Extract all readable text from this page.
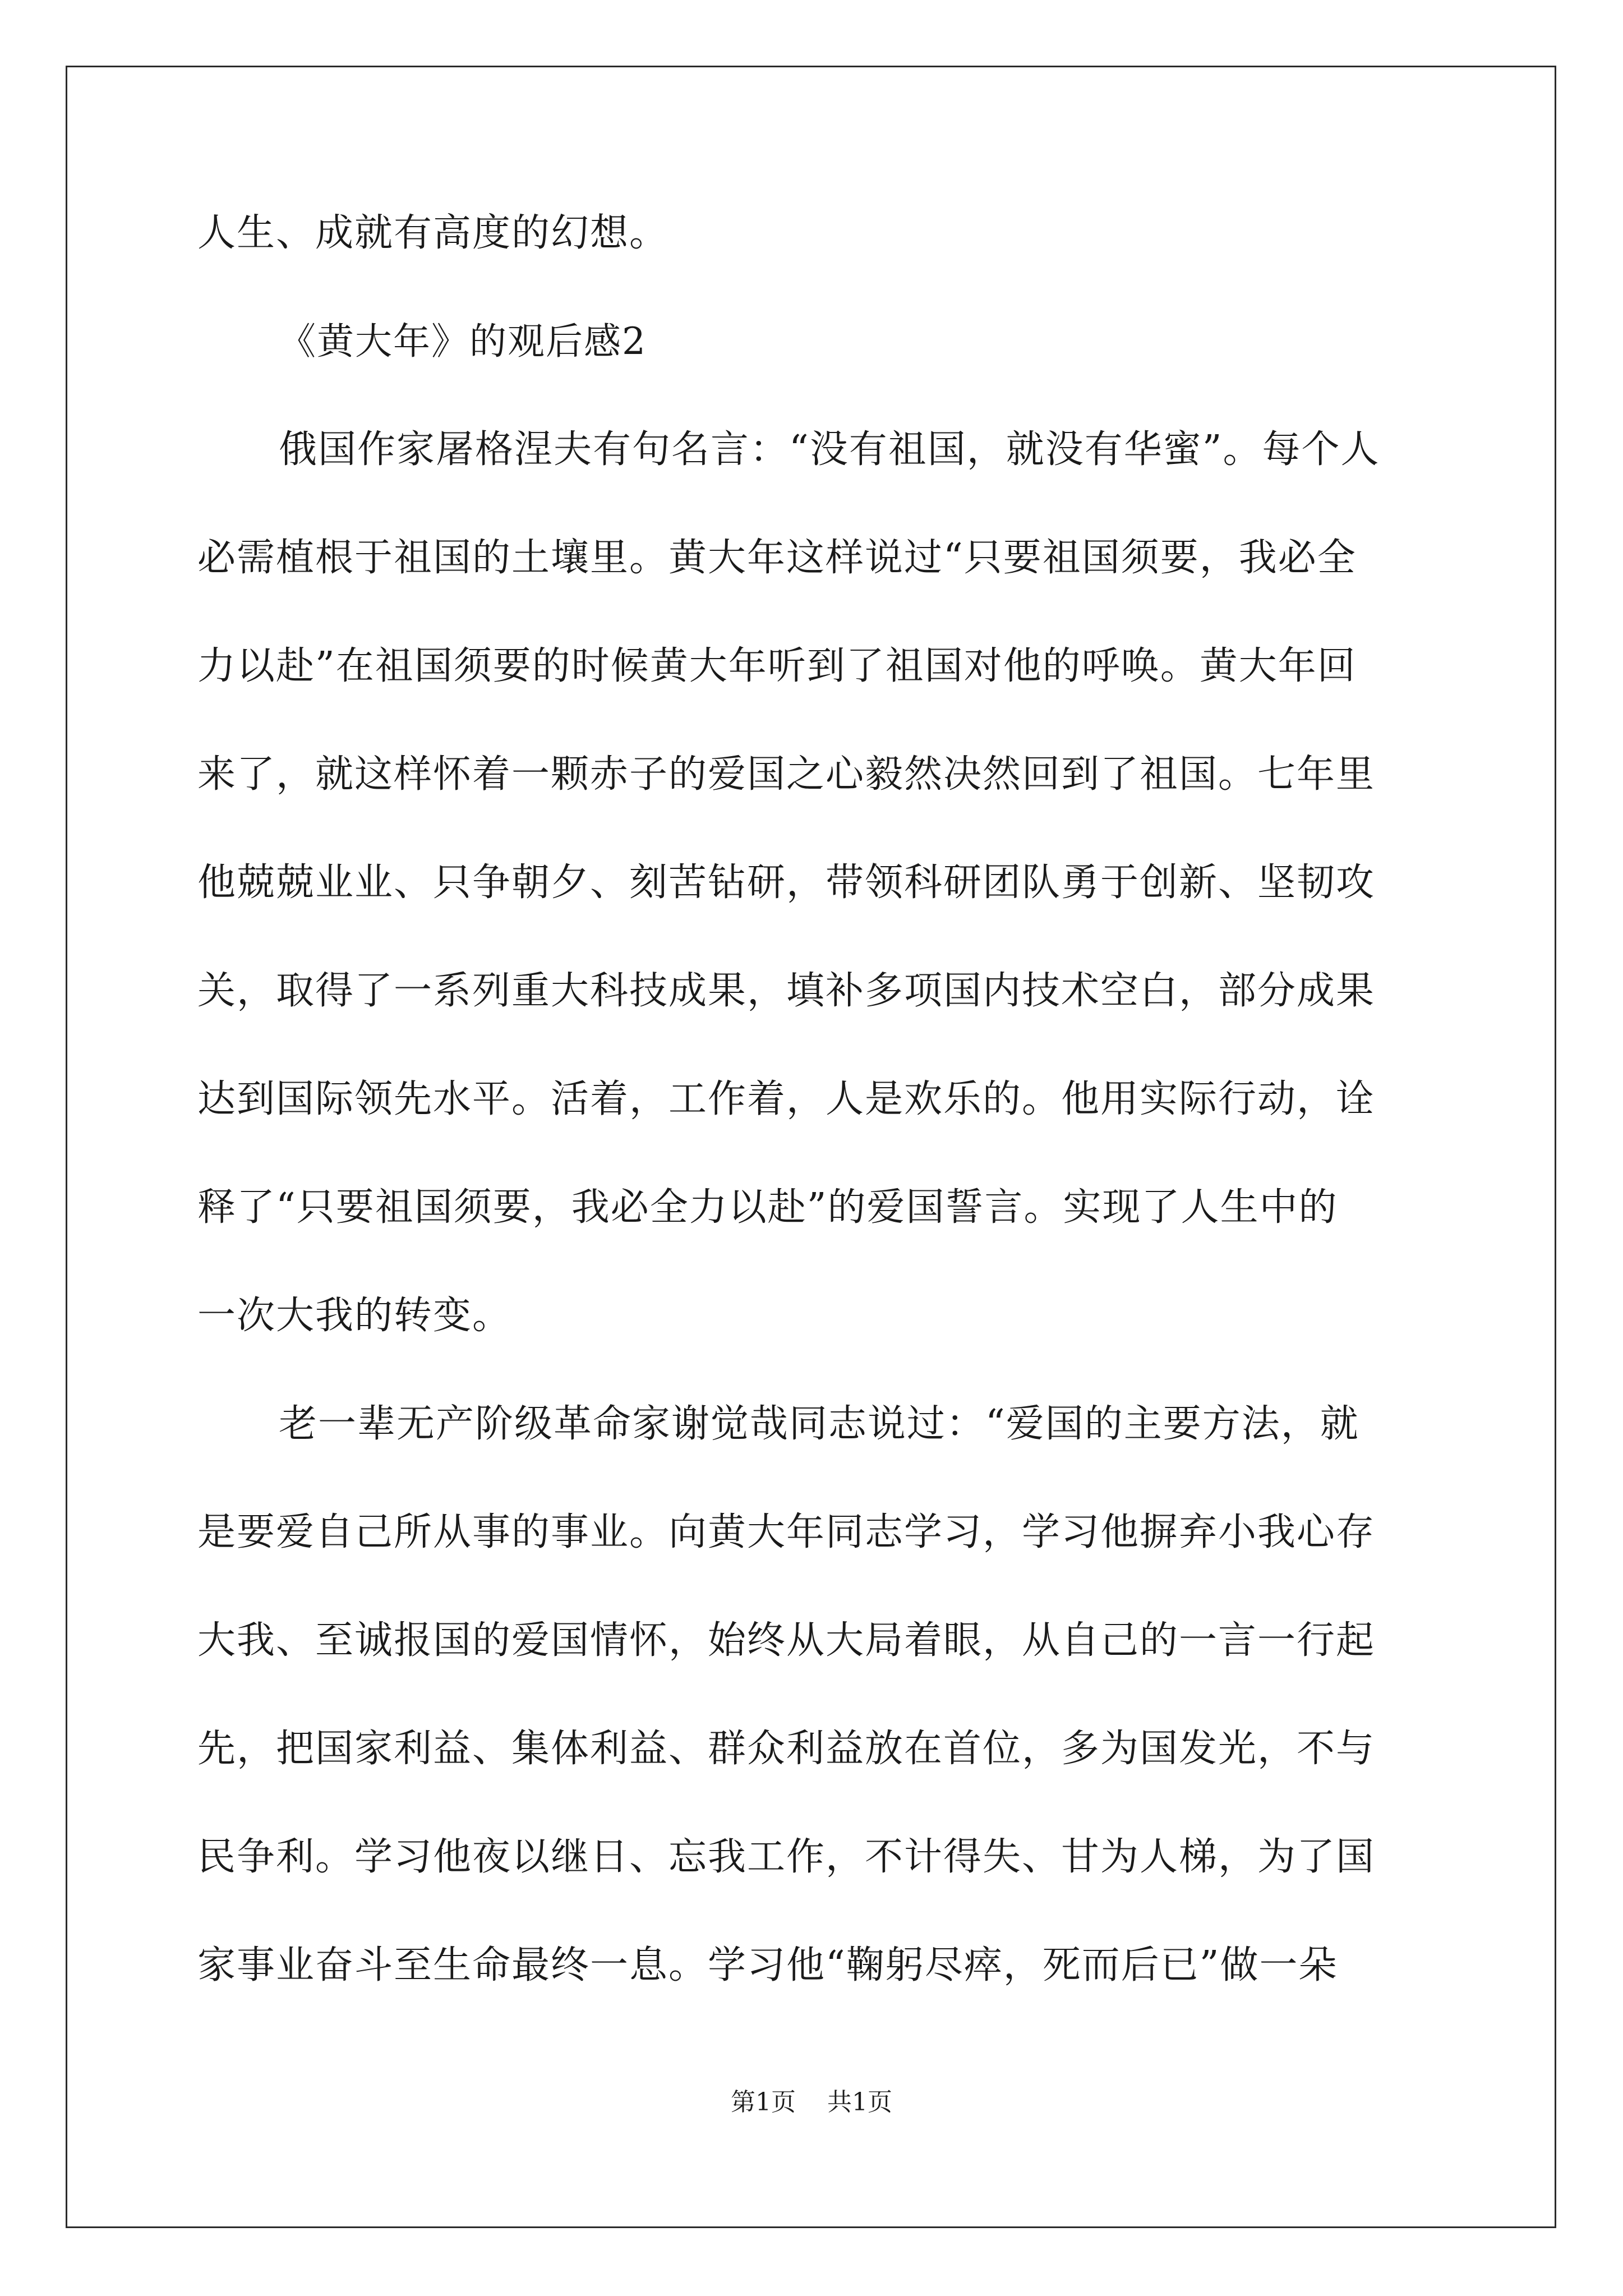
人生、成就有高度的幻想。
《黄大年》的观后感2
俄国作家屠格涅夫有句名言：“没有祖国，就没有华蜜”。每个人
必需植根于祖国的土壤里。黄大年这样说过“只要祖国须要，我必全
力以赴”在祖国须要的时候黄大年听到了祖国对他的呼唤。黄大年回
来了，就这样怀着一颗赤子的爱国之心毅然决然回到了祖国。七年里
他兢兢业业、只争朝夕、刻苦钻研，带领科研团队勇于创新、坚韧攻
关，取得了一系列重大科技成果，填补多项国内技术空白，部分成果
达到国际领先水平。活着，工作着，人是欢乐的。他用实际行动，诠
释了“只要祖国须要，我必全力以赴”的爱国誓言。实现了人生中的
一次大我的转变。
老一辈无产阶级革命家谢觉哉同志说过：“爱国的主要方法，就
是要爱自己所从事的事业。向黄大年同志学习，学习他摒弃小我心存
大我、至诚报国的爱国情怀，始终从大局着眼，从自己的一言一行起
先，把国家利益、集体利益、群众利益放在首位，多为国发光，不与
民争利。学习他夜以继日、忘我工作，不计得失、甘为人梯，为了国
家事业奋斗至生命最终一息。学习他“鞠躬尽瘁，死而后已”做一朵
第1页 共1页
